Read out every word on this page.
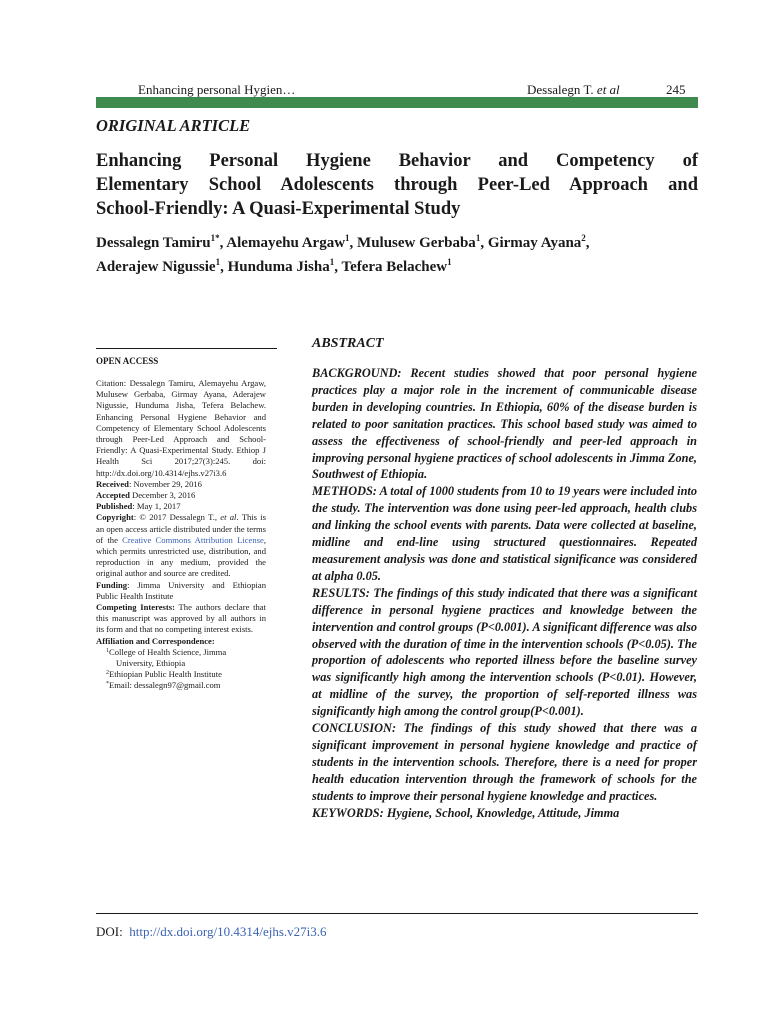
Enhancing personal Hygien…	Dessalegn T. et al	245
ORIGINAL ARTICLE
Enhancing Personal Hygiene Behavior and Competency of
Elementary School Adolescents through Peer-Led Approach and
School-Friendly: A Quasi-Experimental Study
Dessalegn Tamiru$^{1*}$, Alemayehu Argaw$^1$, Mulusew Gerbaba$^1$, Girmay Ayana$^2$,
Aderajew Nigussie$^1$, Hunduma Jisha$^1$, Tefera Belachew$^1$
OPEN ACCESS

Citation: Dessalegn Tamiru, Alemayehu Argaw, Mulusew Gerbaba, Girmay Ayana, Aderajew Nigussie, Hunduma Jisha, Tefera Belachew. Enhancing Personal Hygiene Behavior and Competency of Elementary School Adolescents through Peer-Led Approach and School-Friendly: A Quasi-Experimental Study. Ethiop J Health Sci 2017;27(3):245. doi: http://dx.doi.org/10.4314/ejhs.v27i3.6

Received: November 29, 2016

Accepted December 3, 2016

Published: May 1, 2017

Copyright: © 2017 Dessalegn T., et al. This is an open access article distributed under the terms of the Creative Commons Attribution License, which permits unrestricted use, distribution, and reproduction in any medium, provided the original author and source are credited.

Funding: Jimma University and Ethiopian Public Health Institute

Competing Interests: The authors declare that this manuscript was approved by all authors in its form and that no competing interest exists.

Affiliation and Correspondence:

$^1$College of Health Science, Jimma

University, Ethiopia

$^2$Ethiopian Public Health Institute

*Email: dessalegn97@gmail.com

ABSTRACT

BACKGROUND: Recent studies showed that poor personal hygiene practices play a major role in the increment of communicable disease burden in developing countries. In Ethiopia, 60% of the disease burden is related to poor sanitation practices. This school based study was aimed to assess the effectiveness of school-friendly and peer-led approach in improving personal hygiene practices of school adolescents in Jimma Zone, Southwest of Ethiopia.

METHODS: A total of 1000 students from 10 to 19 years were included into the study. The intervention was done using peer-led approach, health clubs and linking the school events with parents. Data were collected at baseline, midline and end-line using structured questionnaires. Repeated measurement analysis was done and statistical significance was considered at alpha 0.05.

RESULTS: The findings of this study indicated that there was a significant difference in personal hygiene practices and knowledge between the intervention and control groups (P<0.001). A significant difference was also observed with the duration of time in the intervention schools (P<0.05). The proportion of adolescents who reported illness before the baseline survey was significantly high among the intervention schools (P<0.01). However, at midline of the survey, the proportion of self-reported illness was significantly high among the control group(P<0.001).

CONCLUSION: The findings of this study showed that there was a significant improvement in personal hygiene knowledge and practice of students in the intervention schools. Therefore, there is a need for proper health education intervention through the framework of schools for the students to improve their personal hygiene knowledge and practices.

KEYWORDS: Hygiene, School, Knowledge, Attitude, Jimma

DOI: http://dx.doi.org/10.4314/ejhs.v27i3.6
